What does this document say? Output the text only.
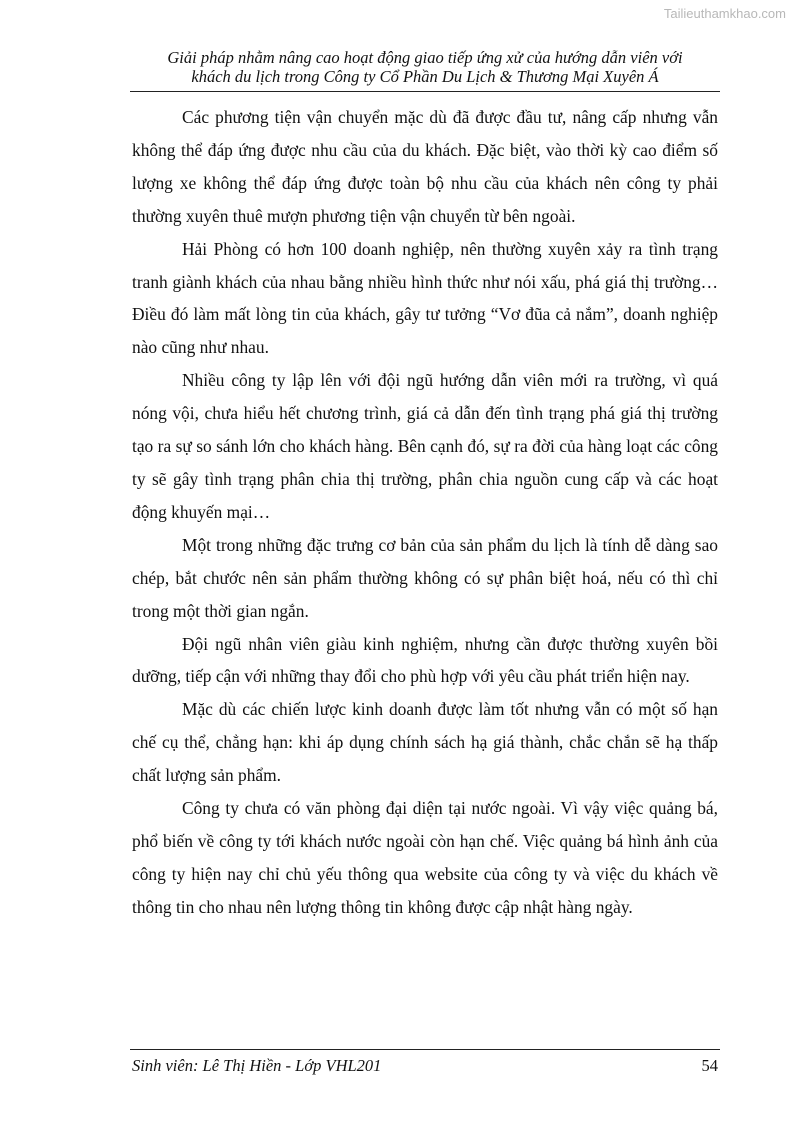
Tailieuthamkhao.com
Giải pháp nhằm nâng cao hoạt động giao tiếp ứng xử của hướng dẫn viên với
khách du lịch trong Công ty Cổ Phần Du Lịch & Thương Mại Xuyên Á

Các phương tiện vận chuyển mặc dù đã được đầu tư, nâng cấp nhưng vẫn không thể đáp ứng được nhu cầu của du khách. Đặc biệt, vào thời kỳ cao điểm số lượng xe không thể đáp ứng được toàn bộ nhu cầu của khách nên công ty phải thường xuyên thuê mượn phương tiện vận chuyển từ bên ngoài.

Hải Phòng có hơn 100 doanh nghiệp, nên thường xuyên xảy ra tình trạng tranh giành khách của nhau bằng nhiều hình thức như nói xấu, phá giá thị trường… Điều đó làm mất lòng tin của khách, gây tư tưởng “Vơ đũa cả nắm”, doanh nghiệp nào cũng như nhau.

Nhiều công ty lập lên với đội ngũ hướng dẫn viên mới ra trường, vì quá nóng vội, chưa hiểu hết chương trình, giá cả dẫn đến tình trạng phá giá thị trường tạo ra sự so sánh lớn cho khách hàng. Bên cạnh đó, sự ra đời của hàng loạt các công ty sẽ gây tình trạng phân chia thị trường, phân chia nguồn cung cấp và các hoạt động khuyến mại…

Một trong những đặc trưng cơ bản của sản phẩm du lịch là tính dễ dàng sao chép, bắt chước nên sản phẩm thường không có sự phân biệt hoá, nếu có thì chỉ trong một thời gian ngắn.

Đội ngũ nhân viên giàu kinh nghiệm, nhưng cần được thường xuyên bồi dưỡng, tiếp cận với những thay đổi cho phù hợp với yêu cầu phát triển hiện nay.

Mặc dù các chiến lược kinh doanh được làm tốt nhưng vẫn có một số hạn chế cụ thể, chẳng hạn: khi áp dụng chính sách hạ giá thành, chắc chắn sẽ hạ thấp chất lượng sản phẩm.

Công ty chưa có văn phòng đại diện tại nước ngoài. Vì vậy việc quảng bá, phổ biến về công ty tới khách nước ngoài còn hạn chế. Việc quảng bá hình ảnh của công ty hiện nay chỉ chủ yếu thông qua website của công ty và việc du khách về thông tin cho nhau nên lượng thông tin không được cập nhật hàng ngày.

Sinh viên: Lê Thị Hiền - Lớp VHL201	54
